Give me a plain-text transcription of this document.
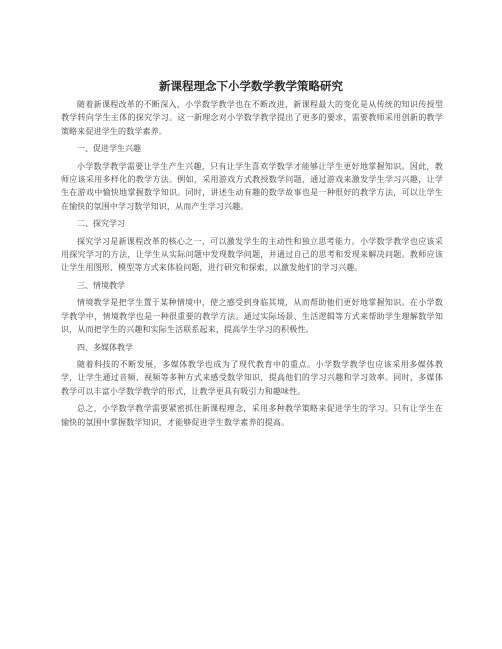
新课程理念下小学数学教学策略研究

随着新课程改革的不断深入，小学数学教学也在不断改进，新课程最大的变化是从传统的知识传授型教学转向学生主体的探究学习。这一新理念对小学数学教学提出了更多的要求，需要教师采用创新的教学策略来促进学生的数学素养。

一、促进学生兴趣

小学数学教学需要让学生产生兴趣，只有让学生喜欢学数学才能够让学生更好地掌握知识。因此，教师应该采用多样化的教学方法。例如，采用游戏方式教授数学问题，通过游戏来激发学生学习兴趣，让学生在游戏中愉快地掌握数学知识。同时，讲述生动有趣的数学故事也是一种很好的教学方法，可以让学生在愉快的氛围中学习数学知识，从而产生学习兴趣。

二、探究学习

探究学习是新课程改革的核心之一，可以激发学生的主动性和独立思考能力。小学数学教学也应该采用探究学习的方法，让学生从实际问题中发现数学问题，并通过自己的思考和发现来解决问题。教师应该让学生用图形、模型等方式来体验问题，进行研究和探索，以激发他们的学习兴趣。

三、情境教学

情境教学是把学生置于某种情境中，使之感受到身临其境，从而帮助他们更好地掌握知识。在小学数学教学中，情境教学也是一种很重要的教学方法。通过实际场景、生活逻辑等方式来帮助学生理解数学知识，从而把学生的兴趣和实际生活联系起来，提高学生学习的积极性。

四、多媒体教学

随着科技的不断发展，多媒体教学也成为了现代教育中的重点。小学数学教学也应该采用多媒体教学，让学生通过音频、视频等多种方式来感受数学知识，提高他们的学习兴趣和学习效率。同时，多媒体教学可以丰富小学数学教学的形式，让教学更具有吸引力和趣味性。

总之，小学数学教学需要紧密抓住新课程理念，采用多种教学策略来促进学生的学习。只有让学生在愉快的氛围中掌握数学知识，才能够促进学生数学素养的提高。
